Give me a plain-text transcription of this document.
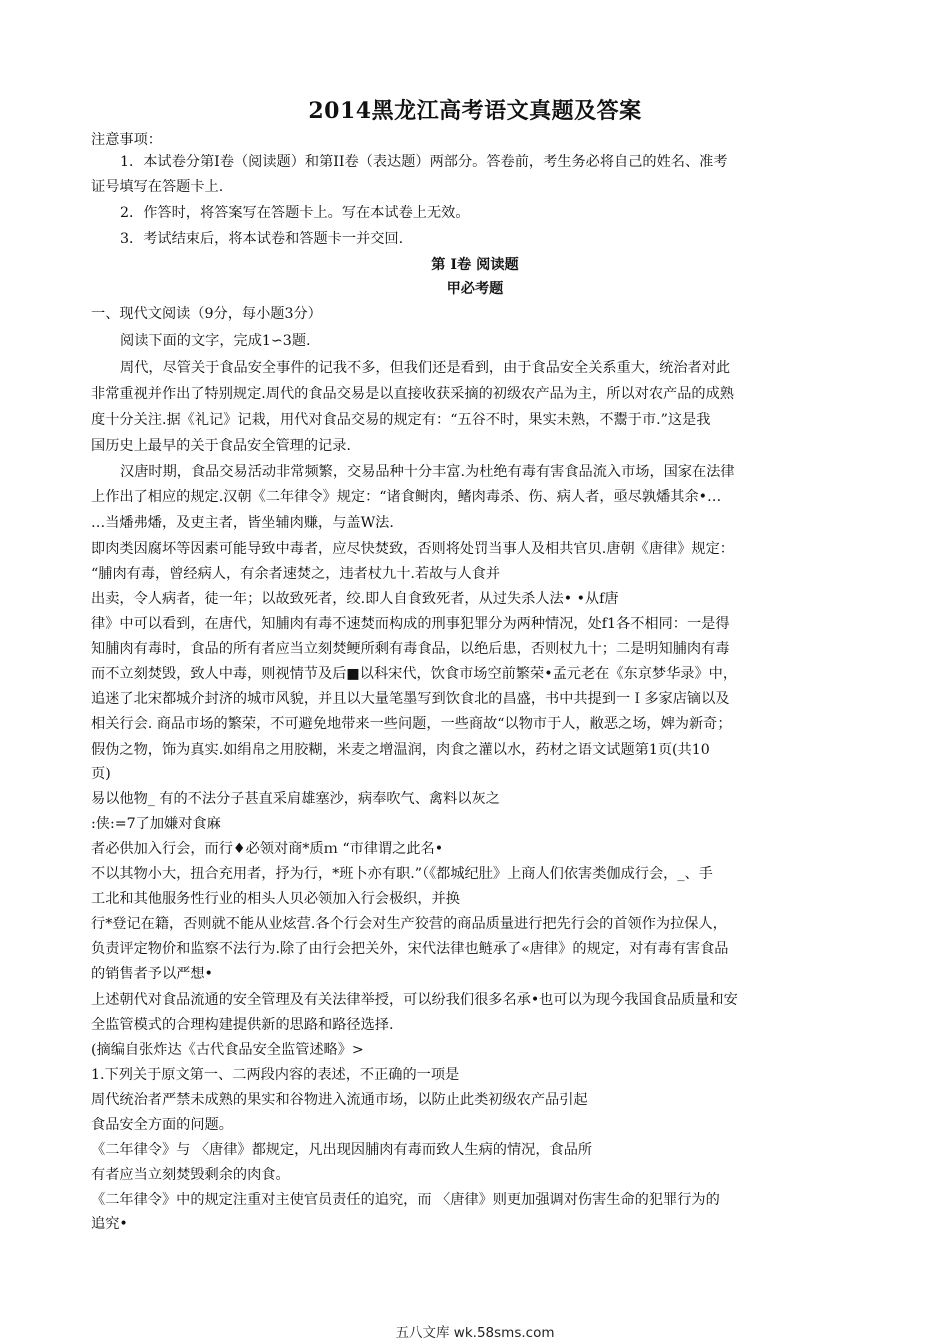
2014黑龙江高考语文真题及答案
注意事项：
1．本试卷分第Ⅰ卷（阅读题）和第II卷（表达题）两部分。答卷前，考生务必将自己的姓名、准考
证号填写在答题卡上.
2．作答时，将答案写在答题卡上。写在本试卷上无效。
3．考试结束后，将本试卷和答题卡一并交回.
第 Ⅰ卷 阅读题
甲必考题
一、现代文阅读（9分，每小题3分）
阅读下面的文字，完成1∽3题.
周代，尽管关于食品安全事件的记我不多，但我们还是看到，由于食品安全关系重大，统治者对此
非常重视并作出了特别规定.周代的食品交易是以直接收获采摘的初级农产品为主，所以对农产品的成熟
度十分关注.据《礼记》记栽，用代对食品交易的规定有：“五谷不时，果实未熟，不鬻于市.”这是我
国历史上最早的关于食品安全管理的记录.
汉唐时期，食品交易活动非常频繁，交易品种十分丰富.为杜绝有毒有害食品流入市场，国家在法律
上作出了相应的规定.汉朝《二年律令》规定：“诸食鲥肉，鳍肉毒杀、伤、病人者，亟尽孰燔其余•…
…当燔弗燔，及吏主者，皆坐辅肉赚，与盖W法.
即肉类因腐坏等因素可能导致中毒者，应尽快焚致，否则将处罚当事人及相共官贝.唐朝《唐律》规定：
“脯肉有毒，曾经病人，有余者速焚之，违者杖九十.若故与人食并
出卖，令人病者，徒一年；以故致死者，绞.即人自食致死者，从过失杀人法• •从f唐
律》中可以看到，在唐代，知脯肉有毒不速焚而构成的刑事犯罪分为两种情况，处f1各不相同：一是得
知脯肉有毒时，食品的所有者应当立刻焚鲠所剩有毒食品，以绝后患，否则杖九十；二是明知脯肉有毒
而不立刻焚毁，致人中毒，则视情节及后■以科宋代，饮食市场空前繁荣•孟元老在《东京梦华录》中，
追迷了北宋都城介封济的城市风貌，并且以大量笔墨写到饮食北的昌盛，书中共提到一Ｉ多家店镝以及
相关行会. 商品市场的繁荣，不可避免地带来一些问题，一些商故“以物市于人，敝恶之场，婢为新奇；
假伪之物，饰为真实.如绢帛之用胶糊，米麦之增温润，肉食之灌以水，药材之语文试题第1页(共10
页)
易以他物_ 有的不法分子甚直采肩雄塞沙，病奉吹气、禽料以灰之
:侠:=7了加嫌对食麻
者必供加入行会，而行♦必领对商*质ｍ “市律谓之此名•
不以其物小大，扭合充用者，抒为行，*班卜亦有职.”（《都城纪肚》上商人们依害类伽成行会，_、手
工北和其他服务性行业的相头人贝必领加入行会极织，并换
行*登记在籍，否则就不能从业炫营.各个行会对生产狡营的商品质量进行把先行会的首领作为拉保人，
负责评定物价和监察不法行为.除了由行会把关外，宋代法律也鲢承了«唐律》的规定，对有毒有害食品
的销售者予以严想•
上述朝代对食品流通的安全管理及有关法律举授，可以纷我们很多名承•也可以为现今我国食品质量和安
全监管模式的合理构建提供新的思路和路径选择.
(摘编自张炸达《古代食品安全监管述略》>
1.下列关于原文第一、二两段内容的表述，不正确的一项是
周代统治者严禁未成熟的果实和谷物进入流通市场，以防止此类初级农产品引起
食品安全方面的问题。
《二年律令》与 〈唐律》都规定，凡出现因脯肉有毒而致人生病的情况，食品所
有者应当立刻焚毁剩余的肉食。
《二年律令》中的规定注重对主使官员责任的追究，而 〈唐律》则更加强调对伤害生命的犯罪行为的
追究•
五八文库 wk.58sms.com
